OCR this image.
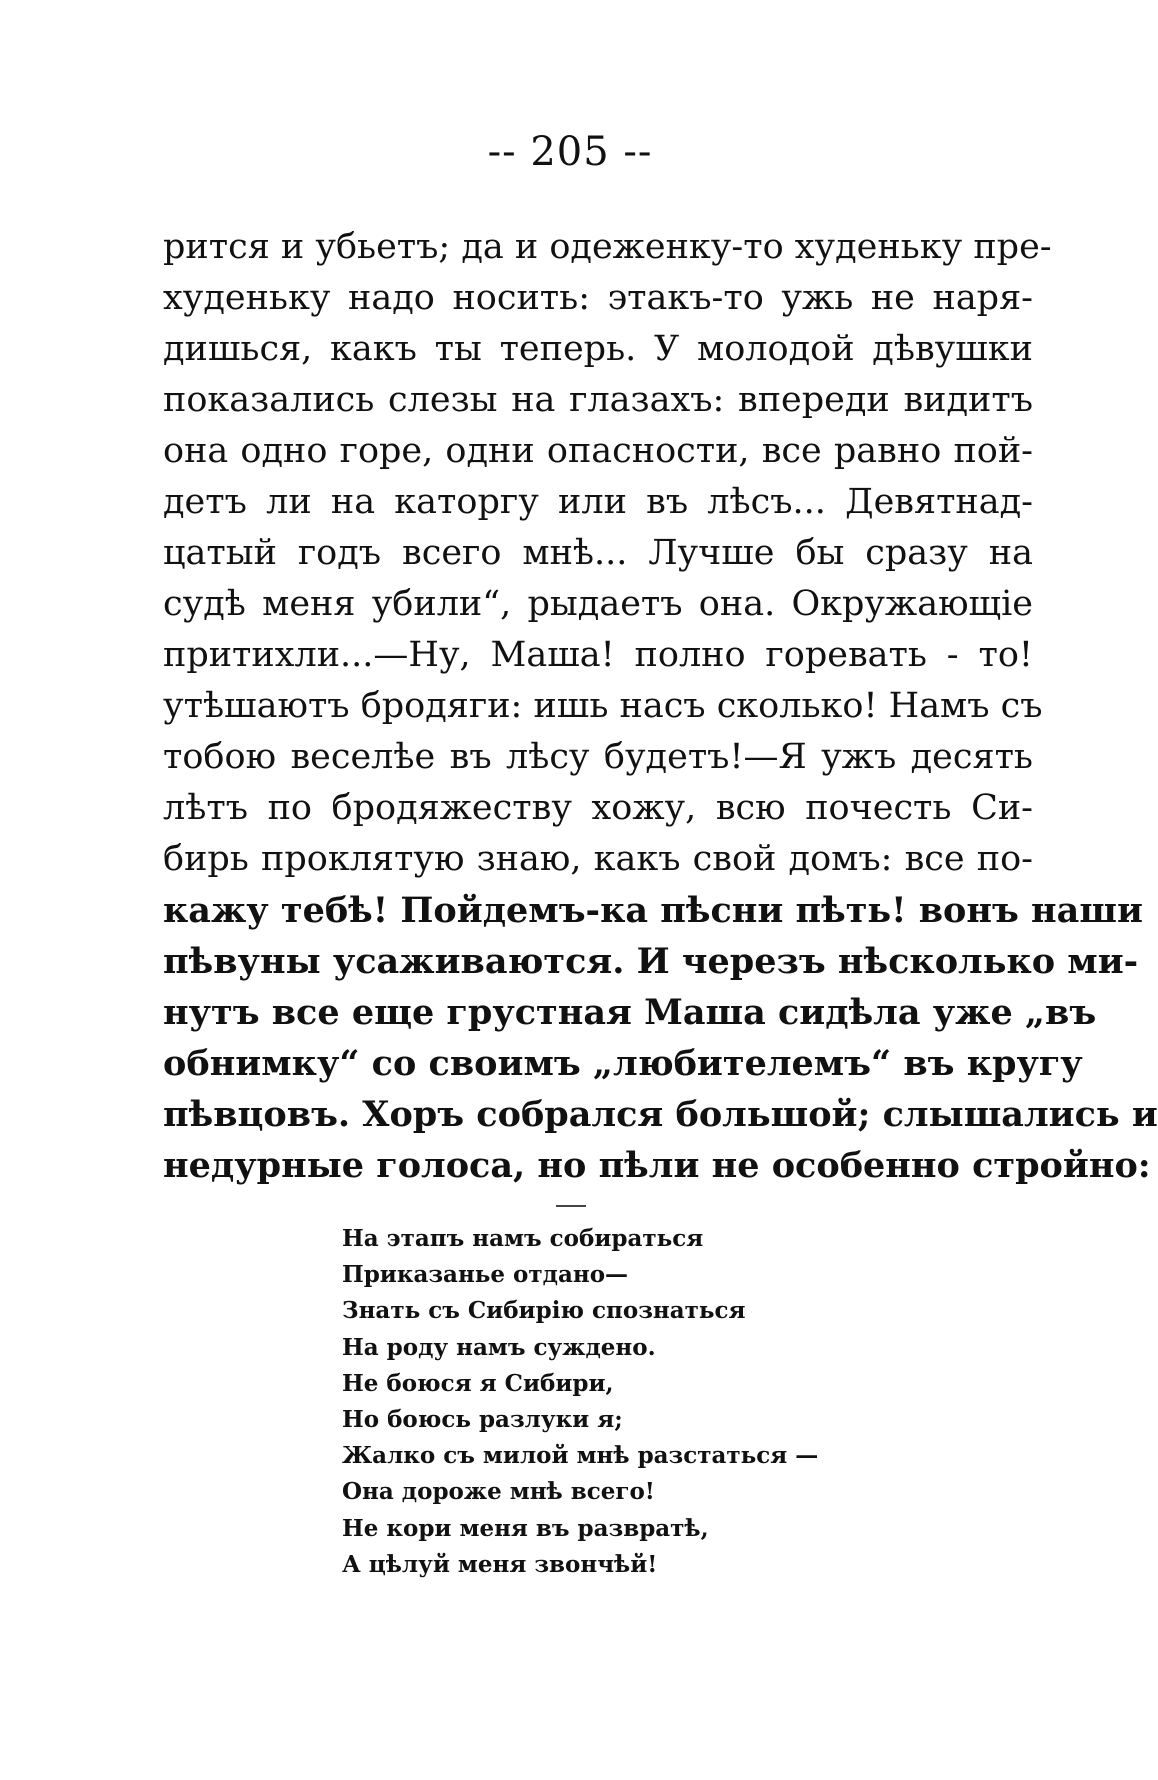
-- 205 --
рится и убьетъ; да и одеженку-то худеньку пре-
худеньку надо носить: этакъ-то ужь не наря-
дишься, какъ ты теперь. У молодой дѣвушки
показались слезы на глазахъ: впереди видитъ
она одно горе, одни опасности, все равно пой-
детъ ли на каторгу или въ лѣсъ... Девятнад-
цатый годъ всего мнѣ... Лучше бы сразу на
судѣ меня убили“, рыдаетъ она. Окружающіе
притихли...—Ну, Маша! полно горевать - то!
утѣшаютъ бродяги: ишь насъ сколько! Намъ съ
тобою веселѣе въ лѣсу будетъ!—Я ужъ десять
лѣтъ по бродяжеству хожу, всю почесть Си-
бирь проклятую знаю, какъ свой домъ: все по-
кажу тебѣ! Пойдемъ-ка пѣсни пѣть! вонъ наши
пѣвуны усаживаются. И черезъ нѣсколько ми-
нутъ все еще грустная Маша сидѣла уже „въ
обнимку“ со своимъ „любителемъ“ въ кругу
пѣвцовъ. Хоръ собрался большой; слышались и
недурные голоса, но пѣли не особенно стройно:
На этапъ намъ собираться
Приказанье отдано—
Знать съ Сибирію спознаться
На роду намъ суждено.
Не боюся я Сибири,
Но боюсь разлуки я;
Жалко съ милой мнѣ разстаться —
Она дороже мнѣ всего!
Не кори меня въ развратѣ,
А цѣлуй меня звончѣй!
